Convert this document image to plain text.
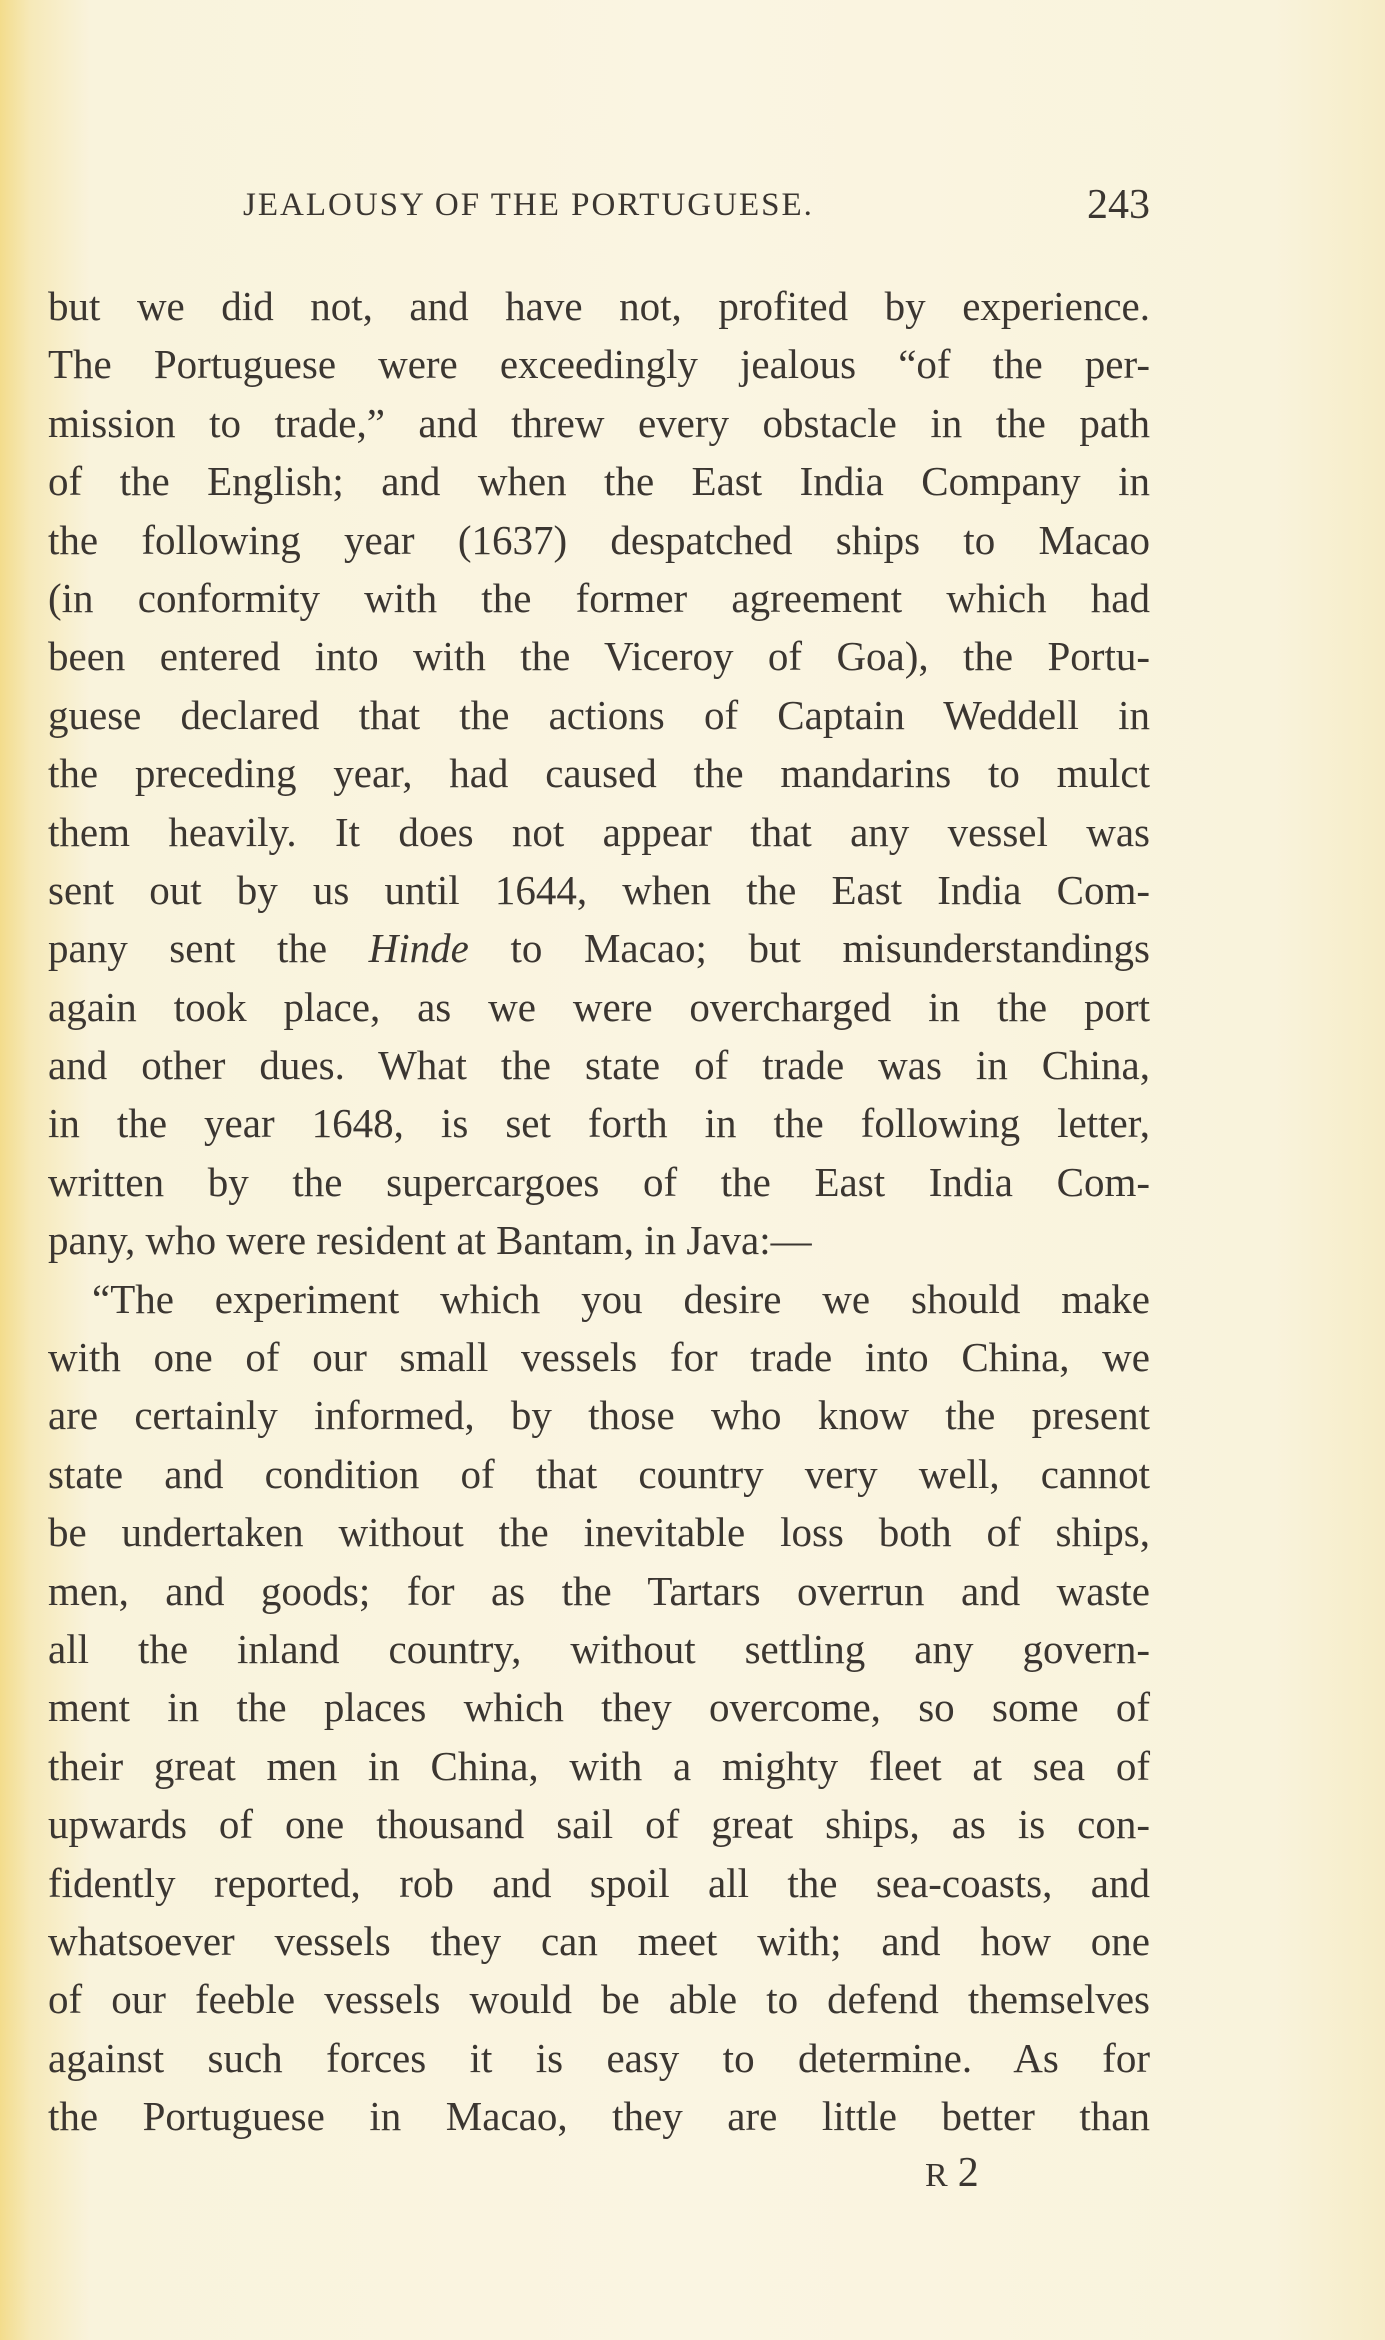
JEALOUSY OF THE PORTUGUESE.	243
but we did not, and have not, profited by experience.
The Portuguese were exceedingly jealous “of the per-
mission to trade,” and threw every obstacle in the path
of the English; and when the East India Company in
the following year (1637) despatched ships to Macao
(in conformity with the former agreement which had
been entered into with the Viceroy of Goa), the Portu-
guese declared that the actions of Captain Weddell in
the preceding year, had caused the mandarins to mulct
them heavily. It does not appear that any vessel was
sent out by us until 1644, when the East India Com-
pany sent the Hinde to Macao; but misunderstandings
again took place, as we were overcharged in the port
and other dues. What the state of trade was in China,
in the year 1648, is set forth in the following letter,
written by the supercargoes of the East India Com-
pany, who were resident at Bantam, in Java:—
“The experiment which you desire we should make
with one of our small vessels for trade into China, we
are certainly informed, by those who know the present
state and condition of that country very well, cannot
be undertaken without the inevitable loss both of ships,
men, and goods; for as the Tartars overrun and waste
all the inland country, without settling any govern-
ment in the places which they overcome, so some of
their great men in China, with a mighty fleet at sea of
upwards of one thousand sail of great ships, as is con-
fidently reported, rob and spoil all the sea-coasts, and
whatsoever vessels they can meet with; and how one
of our feeble vessels would be able to defend themselves
against such forces it is easy to determine. As for
the Portuguese in Macao, they are little better than
R2
